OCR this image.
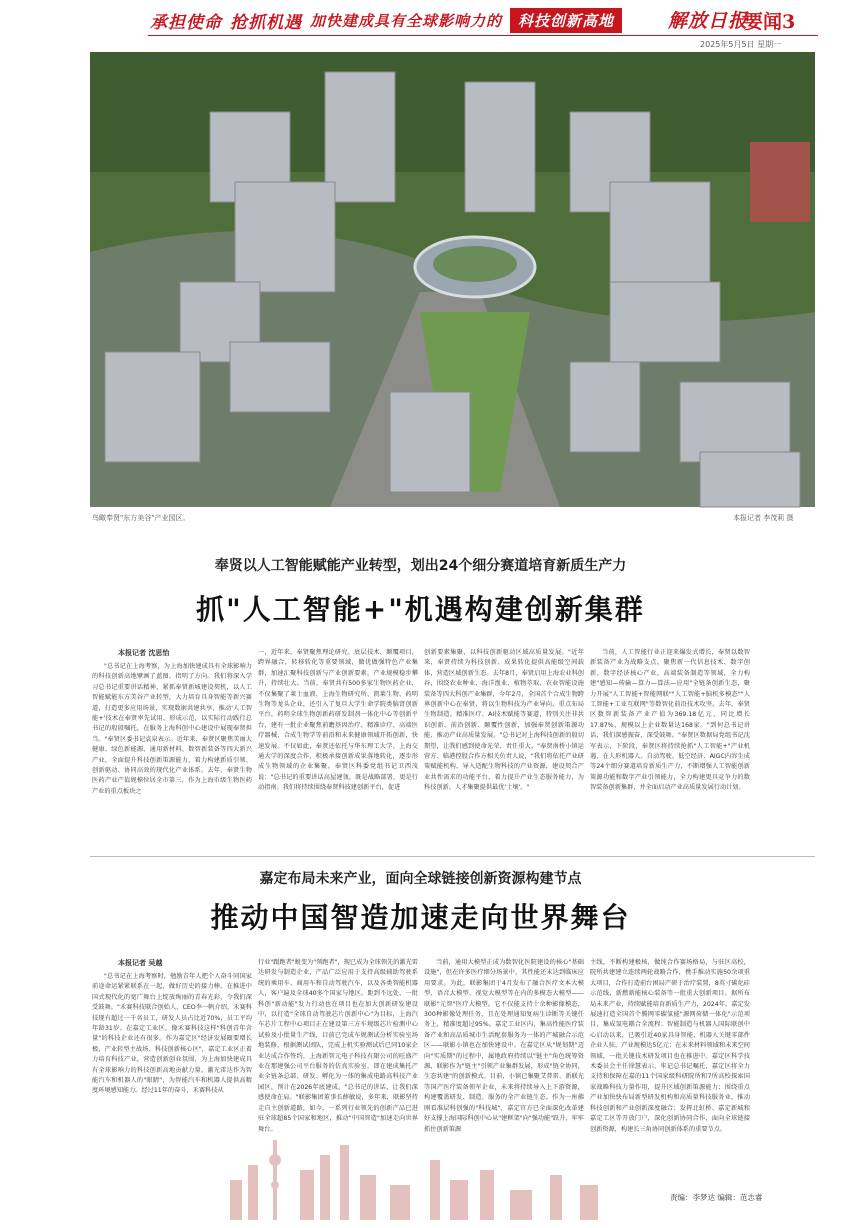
承担使命 抢抓机遇 加快建成具有全球影响力的	科技创新高地	解放日报
要闻3
2025年5月5日 星期一
鸟瞰奉贤"东方美谷"产业园区。	本报记者 李茂莉 摄
奉贤以人工智能赋能产业转型，划出24个细分赛道培育新质生产力
抓"人工智能+"机遇构建创新集群
本报记者 沈思怡
"总书记在上海考察，为上海加快建成具有全球影响力的科技创新高地擘画了蓝图、指明了方向。我们将深入学习总书记重要讲话精神，紧抓奉贤新城建设契机，以人工智能赋能东方美谷产业转型，大力培育具身智能等新兴赛道，打造更多应用场景，实现数据共建共享，推动'人工智能+'技术在奉贤率先试用、形成示范，以实际行动践行总书记的殷殷嘱托，在服务上海科创中心建设中展现奉贤担当。"奉贤区委书记袁泉表示。近年来，奉贤区聚焦美丽大健康、绿色新能源、通用新材料、数智新装备等四大新兴产业，全面提升科技创新策源能力，着力构建新质引领、创新驱动、协同高效的现代化产业体系。去年，奉贤生物医药产业产值规模位居全市第三，作为上海市级生物医药产业的重点板块之
一，近年来，奉贤聚焦理论研究、底层技术、颠覆项目，跨界融合，转移转化等重要领域，做优做强特色产业集群，加速汇聚科技创新与产业创新要素，产业规模稳步攀升，持续壮大。当前，奉贤共有500多家生物医药企业，不仅集聚了莱士血液、上海生物研究所、凯莱生物、药明生物等龙头企业，还引入了复旦大学生命学院类脑肾创新平台，药明全球生物创新药研发制剂一体化中心等创新平台，建有一批企业聚焦前瞻基因治疗、精准诊疗、高端医疗器械、合成生物学等前沿和未来健康领域开拓创新，快速发展。不仅如此，奉贤还依托与华东理工大学、上海交通大学的深度合作，积极承接创新成果落地转化，逐步形成生物领域的企业集聚。奉贤区科委党组书记卫西茂说："总书记的重要讲话高屋建瓴，既是战略部署，更是行动指南。我们将持续围绕奉贤科技建创新平台，促进
创新要素集聚，以科技创新驱动区域高质量发展。"近年来，奉贤持续为科技创新、成果转化提供高能级空间载体，营造区域创新生态。去年8月，奉贤启用上海农业科创谷，围绕农业种业、海洋渔业、植物萃取、农业智能设施装备等四大科创产业集群，今年2月，全国首个合成生物跨界创新中心在奉贤，将以生物科技为产业导向，重点布局生物制造、精准医疗、AI技术赋能等赛道，特别关注非共识创新、前沿创新、颠覆性创新，加强奉贤创新策源功能，推动产业高质量发展。"总书记对上海科技创新的殷切期望，让我们感到使命光荣、责任重大。"奉贤南桥小镇运营方、临港控股合作方相关负责人说，"我们将依托产业研策赋能机构，导入适配生物科技的产业资源，建设契合产业共性需求的功能平台，着力提升产业生态服务能力，为科技创新、人才集聚提供最优'土壤'。"
当前，人工智能行业正迎来爆发式增长，奉贤以数智新装备产业为战略支点，聚焦新一代信息技术、数字创新、数字经济核心产业，高端装备制造等领域，全力构建"感知—传输—算力—算法—应用"全链条创新生态，聚力开展"人工智能+智能网联""人工智能+脑机多模态""人工智能+工业互联网"等数智化前沿技术攻坚。去年，奉贤区数智新装备产业产值为369.18亿元，同比增长17.87%，规模以上企业数量达168家。"到何总书记讲话，我们深感振奋，深受鼓舞。"奉贤区数据局党组书记沈军表示，下阶段，奉贤区将持续抢抓"人工智能+"产业机遇，在人形机器人、自动驾驶、低空经济、AIGC内容生成等24个细分赛道培育新质生产力，不断增强人工智能创新策源功能和数字产业引领能力，全力构建更具竞争力的数智装备创新集群，并全面启动产业高质量发展行动计划。
嘉定布局未来产业，面向全球链接创新资源构建节点
推动中国智造加速走向世界舞台
本报记者 吴越
"总书记在上海考察时，勉励青年人把个人奋斗同国家前途命运紧紧联系在一起，做好历史的接力棒。在推进中国式现代化的宽广舞台上绽放绚丽的青春光彩，令我们深受鼓舞。"禾赛科技联合创始人、CEO李一帆介绍，禾赛科技现有超过一千名员工，研发人员占比近70%，员工平均年龄31岁。在嘉定工业区，像禾赛科技这样"科创青年含量"的科技企业还有很多。作为嘉定区"经济发展圈要增长极、产业转型主战场、科技创新核心区"，嘉定工业区正着力培育科技产业，营造创新创业氛围，为上海加快建成具有全球影响力的科技创新高地贡献力量。激光雷达作为智能汽车和机器人的"眼睛"，为智能汽车和机器人提供高精度环境感知能力。经过11年的奋斗，禾赛科技从
行业"跟跑者"蜕变为"领跑者"，现已成为全球领先的激光雷达研发与制造企业，产品广泛应用于支持高级辅助驾驶系统的乘用车、商用车和自动驾驶汽车，以及各类智能机器人，客户遍及全球40多个国家与地区。距到不远处，一批科创"新动能"发力行动也在项目也在加大创新研发建设中，以打造"全球自动驾驶芯片创新中心"为目标，上海汽车芯片工程中心项目正在建设第三方车规级芯片检测中心试验及小批量生产线，目前已完成车规测试分析实验室场地装修，根据测试团队，完成上机实验测试后已同10家企业达成合作签约，上海新智元电子科技有限公司的旺盛产业在那建强公司平台服务的仿真实验室，即在建成集托产业全链条总部、研发、孵化为一体的集成电路高科技产业园区，预计在2026年底建成。"总书记的讲话，让我们深感使命在肩。"联影集团董事长薛敏说，多年来，联影坚持走自主创新道路，如今，一系列行业领先的创新产品已进驻全球超85个国家和地区，推动"中国智造"加速走向世界舞台。
当前，通用大模型正成为数智化医院建设的核心"基础设施"，但在许多医疗细分场景中，其性能还未达到临床应用要求。为此，联影集团于4月发布了融合医疗文本大模型、语音大模型、视觉大模型等在内的多模态大模型——联影"元智"医疗大模型。它不仅能支持十余种影像模态，300种影像处理任务，且在处理通知复病生诊断等关键任务上，精准度超过95%。嘉定工业区内，集高性能医疗装备产业和高品质城市生活配套服务为一体的产城融合示范区——联影小镇也在加快建设中。在嘉定区从"规划期"迈向"实质期"的过程中，属地政府持续以"链主"角色统筹资源，联影作为"链主"引领产业集群发展，形成"链全协同，生态共建"的创新模式。目前，小镇已集聚艾普雷、新联光等国产医疗装备领军企业，未来将持续导入上下游资源，构建覆盖研发、制造、服务的全产业链生态。作为一座佛刚看准层科创强的"科技城"，嘉定官方已全面深化改革建好支撑上海国际科创中心从"建框架"向"强功能"跃升，牢牢抓住创新策源
主线，不断构建极核，做纯合作赛场格局，与驻区高校，院所共建建立连续两轮战略合作，携手推动实施50余项重大项目，合作打造前台困局产研于治疗装置，8英寸碳化硅示范线，新燃新能核心装备等一批重大创新项目。据所布局未来产业，持续赋能培育新质生产力，2024年，嘉定发展速打造全国首个腾网零碳氢能"源网荷储一体化"示范项目，集成氢电耦合全流程；智能制造与机器人国际联创中心启动以来，已吸引近40家具身智能、机器人关键零部件企业人驻，产业规模达5亿元；在未来材料领域和未来空间领域，一批关键技术研发项目也在推进中。嘉定区科学技术委员会主任徐慧表示，牢记总书记嘱托，嘉定区将全力支持和保障在嘉的11个国家级科研院所和7所高校探索国家战略科技力量作用，提升区域创新策源能力；围绕重点产业加快快布局新型研发机构和高质量科技服务业，推动科技创新和产业创新深度融合；发挥北虹桥、嘉定新城和嘉定工区等开放门户，深化创新协同合作，面向全球链接创新资源，构建长三角协同创新体系的重要节点。
责编：李梦达 编辑：范志睿
